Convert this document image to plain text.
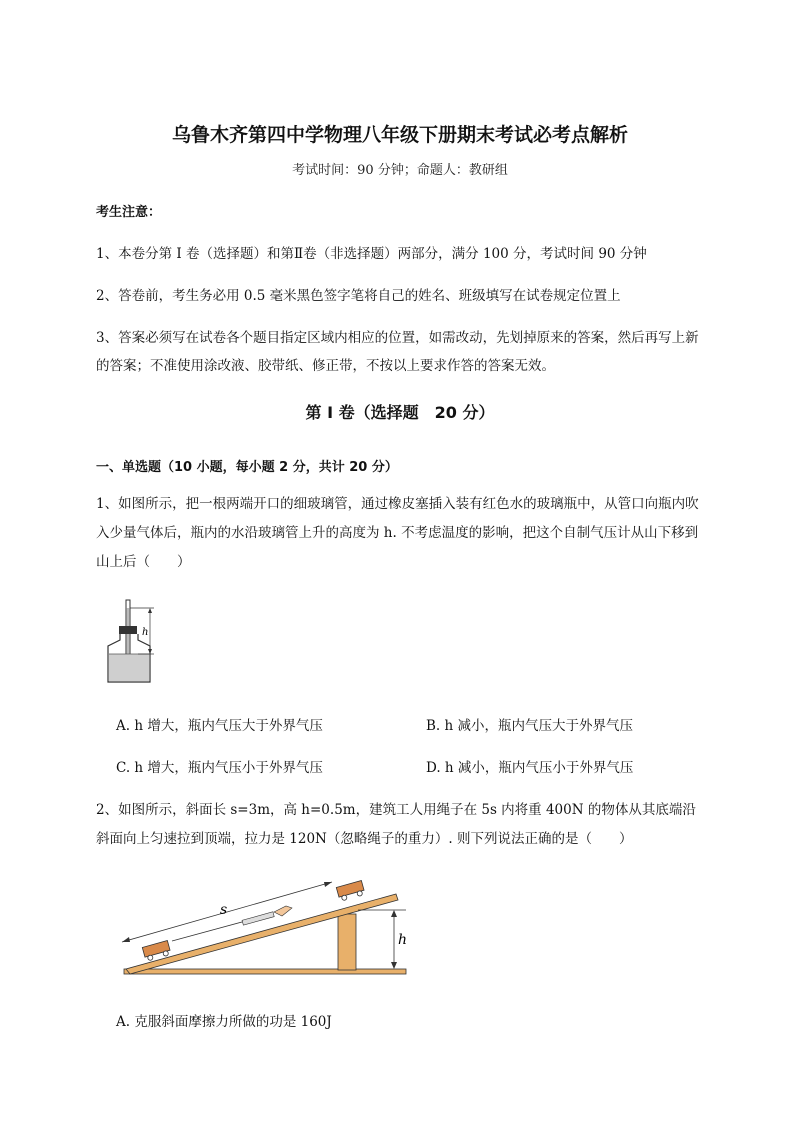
乌鲁木齐第四中学物理八年级下册期末考试必考点解析
考试时间：90 分钟；命题人：教研组
考生注意：
1、本卷分第 I 卷（选择题）和第Ⅱ卷（非选择题）两部分，满分 100 分，考试时间 90 分钟
2、答卷前，考生务必用 0.5 毫米黑色签字笔将自己的姓名、班级填写在试卷规定位置上
3、答案必须写在试卷各个题目指定区域内相应的位置，如需改动，先划掉原来的答案，然后再写上新的答案；不准使用涂改液、胶带纸、修正带，不按以上要求作答的答案无效。
第 I 卷（选择题　20 分）
一、单选题（10 小题，每小题 2 分，共计 20 分）
1、如图所示，把一根两端开口的细玻璃管，通过橡皮塞插入装有红色水的玻璃瓶中，从管口向瓶内吹入少量气体后，瓶内的水沿玻璃管上升的高度为 h. 不考虑温度的影响，把这个自制气压计从山下移到山上后（　　）
h
A. h 增大，瓶内气压大于外界气压	B. h 减小，瓶内气压大于外界气压
C. h 增大，瓶内气压小于外界气压	D. h 减小，瓶内气压小于外界气压
2、如图所示，斜面长 s=3m，高 h=0.5m，建筑工人用绳子在 5s 内将重 400N 的物体从其底端沿斜面向上匀速拉到顶端，拉力是 120N（忽略绳子的重力）. 则下列说法正确的是（　　）
s
h
A. 克服斜面摩擦力所做的功是 160J
